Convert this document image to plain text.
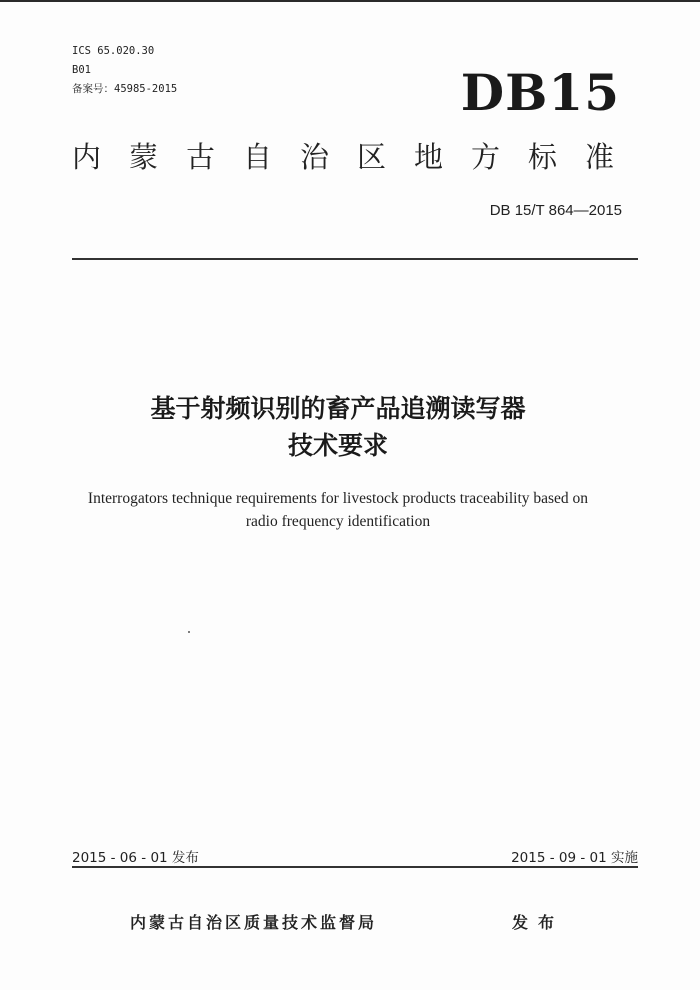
ICS 65.020.30
B01
备案号：45985-2015	DB15
内蒙古自治区地方标准
DB 15/T 864—2015
基于射频识别的畜产品追溯读写器
技术要求
Interrogators technique requirements for livestock products traceability based on
radio frequency identification
2015 - 06 - 01 发布	2015 - 09 - 01 实施
内蒙古自治区质量技术监督局	发布
